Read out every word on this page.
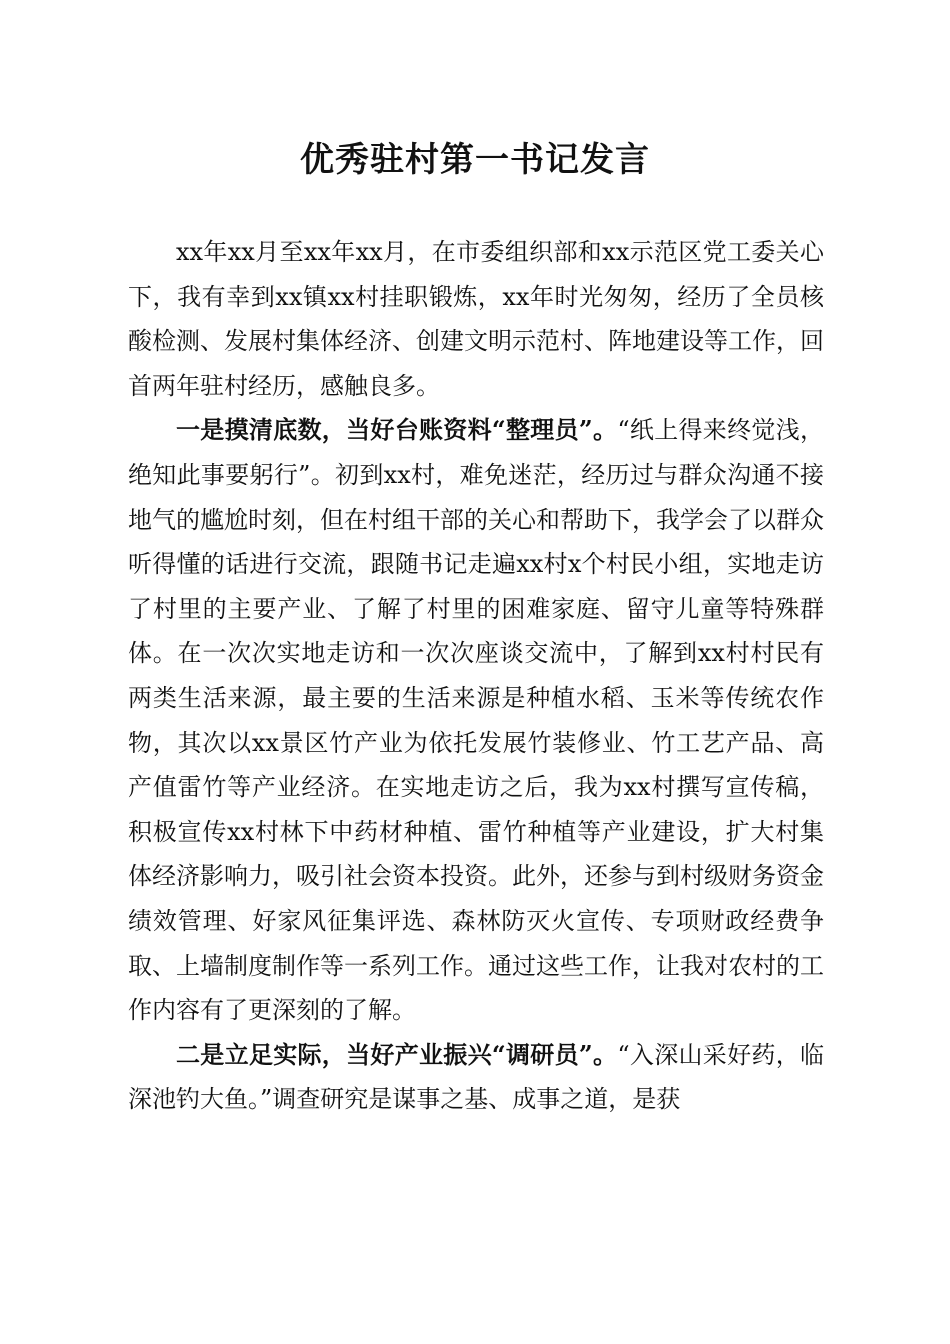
优秀驻村第一书记发言

xx年xx月至xx年xx月，在市委组织部和xx示范区党工委关心下，我有幸到xx镇xx村挂职锻炼，xx年时光匆匆，经历了全员核酸检测、发展村集体经济、创建文明示范村、阵地建设等工作，回首两年驻村经历，感触良多。

一是摸清底数，当好台账资料“整理员”。“纸上得来终觉浅，绝知此事要躬行”。初到xx村，难免迷茫，经历过与群众沟通不接地气的尴尬时刻，但在村组干部的关心和帮助下，我学会了以群众听得懂的话进行交流，跟随书记走遍xx村x个村民小组，实地走访了村里的主要产业、了解了村里的困难家庭、留守儿童等特殊群体。在一次次实地走访和一次次座谈交流中，了解到xx村村民有两类生活来源，最主要的生活来源是种植水稻、玉米等传统农作物，其次以xx景区竹产业为依托发展竹装修业、竹工艺产品、高产值雷竹等产业经济。在实地走访之后，我为xx村撰写宣传稿，积极宣传xx村林下中药材种植、雷竹种植等产业建设，扩大村集体经济影响力，吸引社会资本投资。此外，还参与到村级财务资金绩效管理、好家风征集评选、森林防灭火宣传、专项财政经费争取、上墙制度制作等一系列工作。通过这些工作，让我对农村的工作内容有了更深刻的了解。

二是立足实际，当好产业振兴“调研员”。“入深山采好药，临深池钓大鱼。”调查研究是谋事之基、成事之道，是获
